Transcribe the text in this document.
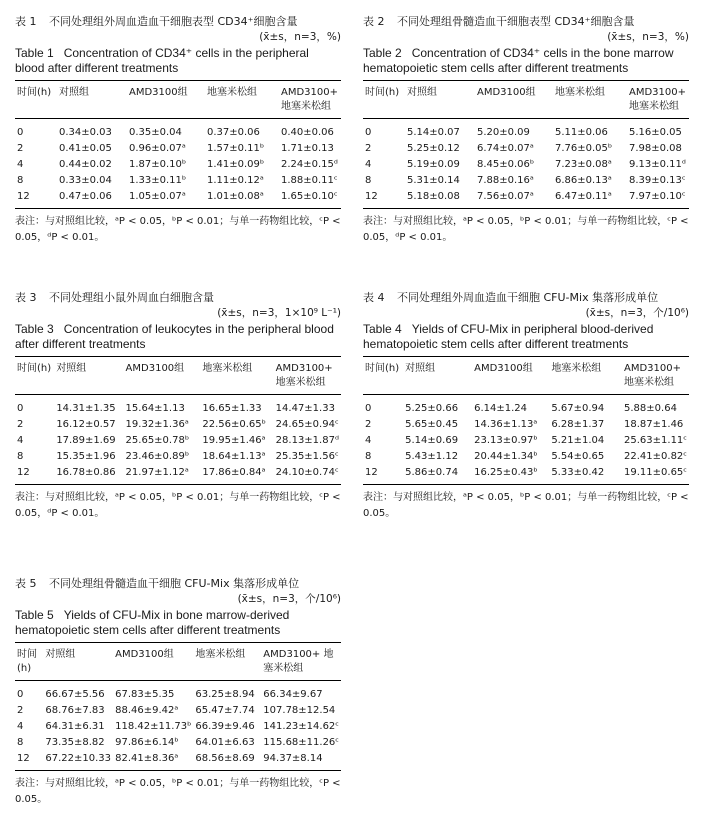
表 1	不同处理组外周血造血干细胞表型 CD34⁺细胞含量
(x̄±s，n=3，%)
Table 1 Concentration of CD34⁺ cells in the peripheral blood after different treatments
时间(h)	对照组	AMD3100组	地塞米松组	AMD3100+ 地塞米松组
0	0.34±0.03	0.35±0.04	0.37±0.06	0.40±0.06
2	0.41±0.05	0.96±0.07ᵃ	1.57±0.11ᵇ	1.71±0.13
4	0.44±0.02	1.87±0.10ᵇ	1.41±0.09ᵇ	2.24±0.15ᵈ
8	0.33±0.04	1.33±0.11ᵇ	1.11±0.12ᵃ	1.88±0.11ᶜ
12	0.47±0.06	1.05±0.07ᵃ	1.01±0.08ᵃ	1.65±0.10ᶜ
表注：与对照组比较，ᵃP < 0.05，ᵇP < 0.01；与单一药物组比较，ᶜP < 0.05，ᵈP < 0.01。
表 2	不同处理组骨髓造血干细胞表型 CD34⁺细胞含量
(x̄±s，n=3，%)
Table 2 Concentration of CD34⁺ cells in the bone marrow hematopoietic stem cells after different treatments
时间(h)	对照组	AMD3100组	地塞米松组	AMD3100+ 地塞米松组
0	5.14±0.07	5.20±0.09	5.11±0.06	5.16±0.05
2	5.25±0.12	6.74±0.07ᵃ	7.76±0.05ᵇ	7.98±0.08
4	5.19±0.09	8.45±0.06ᵇ	7.23±0.08ᵃ	9.13±0.11ᵈ
8	5.31±0.14	7.88±0.16ᵃ	6.86±0.13ᵃ	8.39±0.13ᶜ
12	5.18±0.08	7.56±0.07ᵃ	6.47±0.11ᵃ	7.97±0.10ᶜ
表注：与对照组比较，ᵃP < 0.05，ᵇP < 0.01；与单一药物组比较，ᶜP < 0.05，ᵈP < 0.01。
表 3	不同处理组小鼠外周血白细胞含量
(x̄±s，n=3，1×10⁹ L⁻¹)
Table 3 Concentration of leukocytes in the peripheral blood after different treatments
时间(h)	对照组	AMD3100组	地塞米松组	AMD3100+ 地塞米松组
0	14.31±1.35	15.64±1.13	16.65±1.33	14.47±1.33
2	16.12±0.57	19.32±1.36ᵃ	22.56±0.65ᵇ	24.65±0.94ᶜ
4	17.89±1.69	25.65±0.78ᵇ	19.95±1.46ᵃ	28.13±1.87ᵈ
8	15.35±1.96	23.46±0.89ᵇ	18.64±1.13ᵃ	25.35±1.56ᶜ
12	16.78±0.86	21.97±1.12ᵃ	17.86±0.84ᵃ	24.10±0.74ᶜ
表注：与对照组比较，ᵃP < 0.05，ᵇP < 0.01；与单一药物组比较，ᶜP < 0.05，ᵈP < 0.01。
表 4	不同处理组外周血造血干细胞 CFU-Mix 集落形成单位
(x̄±s，n=3，个/10⁶)
Table 4 Yields of CFU-Mix in peripheral blood-derived hematopoietic stem cells after different treatments
时间(h)	对照组	AMD3100组	地塞米松组	AMD3100+ 地塞米松组
0	5.25±0.66	6.14±1.24	5.67±0.94	5.88±0.64
2	5.65±0.45	14.36±1.13ᵃ	6.28±1.37	18.87±1.46
4	5.14±0.69	23.13±0.97ᵇ	5.21±1.04	25.63±1.11ᶜ
8	5.43±1.12	20.44±1.34ᵇ	5.54±0.65	22.41±0.82ᶜ
12	5.86±0.74	16.25±0.43ᵇ	5.33±0.42	19.11±0.65ᶜ
表注：与对照组比较，ᵃP < 0.05，ᵇP < 0.01；与单一药物组比较，ᶜP < 0.05。
表 5	不同处理组骨髓造血干细胞 CFU-Mix 集落形成单位
(x̄±s，n=3，个/10⁶)
Table 5 Yields of CFU-Mix in bone marrow-derived hematopoietic stem cells after different treatments
时间(h)	对照组	AMD3100组	地塞米松组	AMD3100+ 地塞米松组
0	66.67±5.56	67.83±5.35	63.25±8.94	66.34±9.67
2	68.76±7.83	88.46±9.42ᵃ	65.47±7.74	107.78±12.54
4	64.31±6.31	118.42±11.73ᵇ	66.39±9.46	141.23±14.62ᶜ
8	73.35±8.82	97.86±6.14ᵇ	64.01±6.63	115.68±11.26ᶜ
12	67.22±10.33	82.41±8.36ᵃ	68.56±8.69	94.37±8.14
表注：与对照组比较，ᵃP < 0.05，ᵇP < 0.01；与单一药物组比较，ᶜP < 0.05。
